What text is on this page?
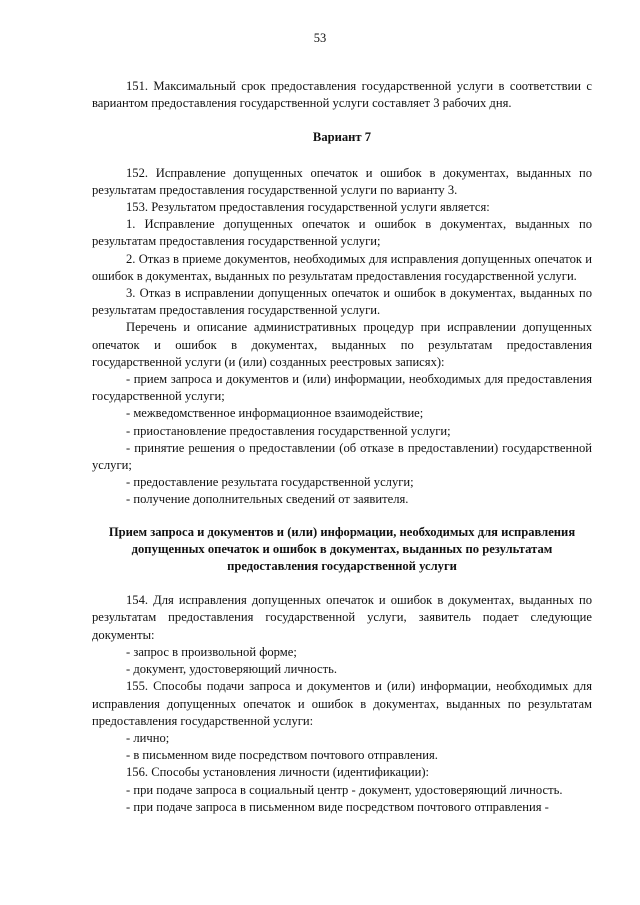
53

151. Максимальный срок предоставления государственной услуги в соответствии с вариантом предоставления государственной услуги составляет 3 рабочих дня.

Вариант 7

152. Исправление допущенных опечаток и ошибок в документах, выданных по результатам предоставления государственной услуги по варианту 3.

153. Результатом предоставления государственной услуги является:

1. Исправление допущенных опечаток и ошибок в документах, выданных по результатам предоставления государственной услуги;

2. Отказ в приеме документов, необходимых для исправления допущенных опечаток и ошибок в документах, выданных по результатам предоставления государственной услуги.

3. Отказ в исправлении допущенных опечаток и ошибок в документах, выданных по результатам предоставления государственной услуги.

Перечень и описание административных процедур при исправлении допущенных опечаток и ошибок в документах, выданных по результатам предоставления государственной услуги (и (или) созданных реестровых записях):

- прием запроса и документов и (или) информации, необходимых для предоставления государственной услуги;

- межведомственное информационное взаимодействие;

- приостановление предоставления государственной услуги;

- принятие решения о предоставлении (об отказе в предоставлении) государственной услуги;

- предоставление результата государственной услуги;

- получение дополнительных сведений от заявителя.

Прием запроса и документов и (или) информации, необходимых для исправления допущенных опечаток и ошибок в документах, выданных по результатам предоставления государственной услуги

154. Для исправления допущенных опечаток и ошибок в документах, выданных по результатам предоставления государственной услуги, заявитель подает следующие документы:

- запрос в произвольной форме;

- документ, удостоверяющий личность.

155. Способы подачи запроса и документов и (или) информации, необходимых для исправления допущенных опечаток и ошибок в документах, выданных по результатам предоставления государственной услуги:

- лично;

- в письменном виде посредством почтового отправления.

156. Способы установления личности (идентификации):

- при подаче запроса в социальный центр - документ, удостоверяющий личность.

- при подаче запроса в письменном виде посредством почтового отправления -
